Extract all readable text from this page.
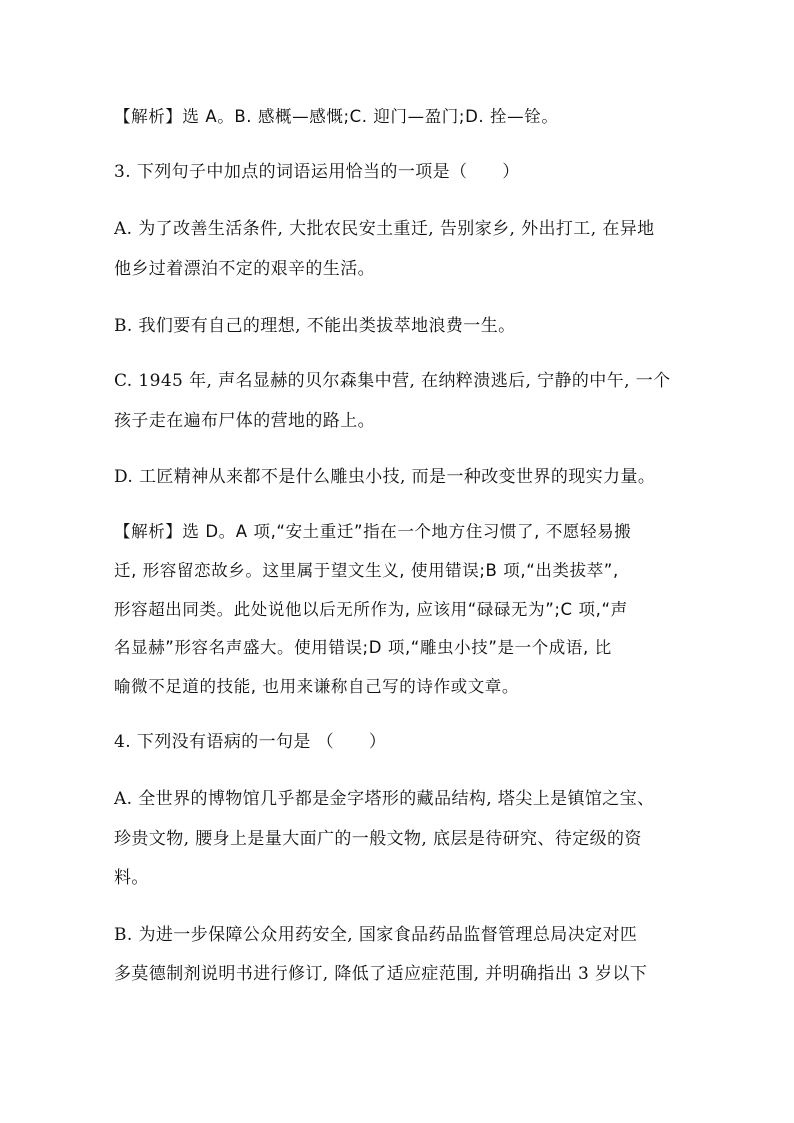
【解析】选 A。B. 感概—感慨;C. 迎门—盈门;D. 拴—铨。
3. 下列句子中加点的词语运用恰当的一项是（　　）
A. 为了改善生活条件, 大批农民安土重迁, 告别家乡, 外出打工, 在异地
他乡过着漂泊不定的艰辛的生活。
B. 我们要有自己的理想, 不能出类拔萃地浪费一生。
C. 1945 年, 声名显赫的贝尔森集中营, 在纳粹溃逃后, 宁静的中午, 一个
孩子走在遍布尸体的营地的路上。
D. 工匠精神从来都不是什么雕虫小技, 而是一种改变世界的现实力量。
【解析】选 D。A 项,“安土重迁”指在一个地方住习惯了, 不愿轻易搬
迁, 形容留恋故乡。这里属于望文生义, 使用错误;B 项,“出类拔萃”,
形容超出同类。此处说他以后无所作为, 应该用“碌碌无为”;C 项,“声
名显赫”形容名声盛大。使用错误;D 项,“雕虫小技”是一个成语, 比
喻微不足道的技能, 也用来谦称自己写的诗作或文章。
4. 下列没有语病的一句是 （　　）
A. 全世界的博物馆几乎都是金字塔形的藏品结构, 塔尖上是镇馆之宝、
珍贵文物, 腰身上是量大面广的一般文物, 底层是待研究、待定级的资
料。
B. 为进一步保障公众用药安全, 国家食品药品监督管理总局决定对匹
多莫德制剂说明书进行修订, 降低了适应症范围, 并明确指出 3 岁以下
